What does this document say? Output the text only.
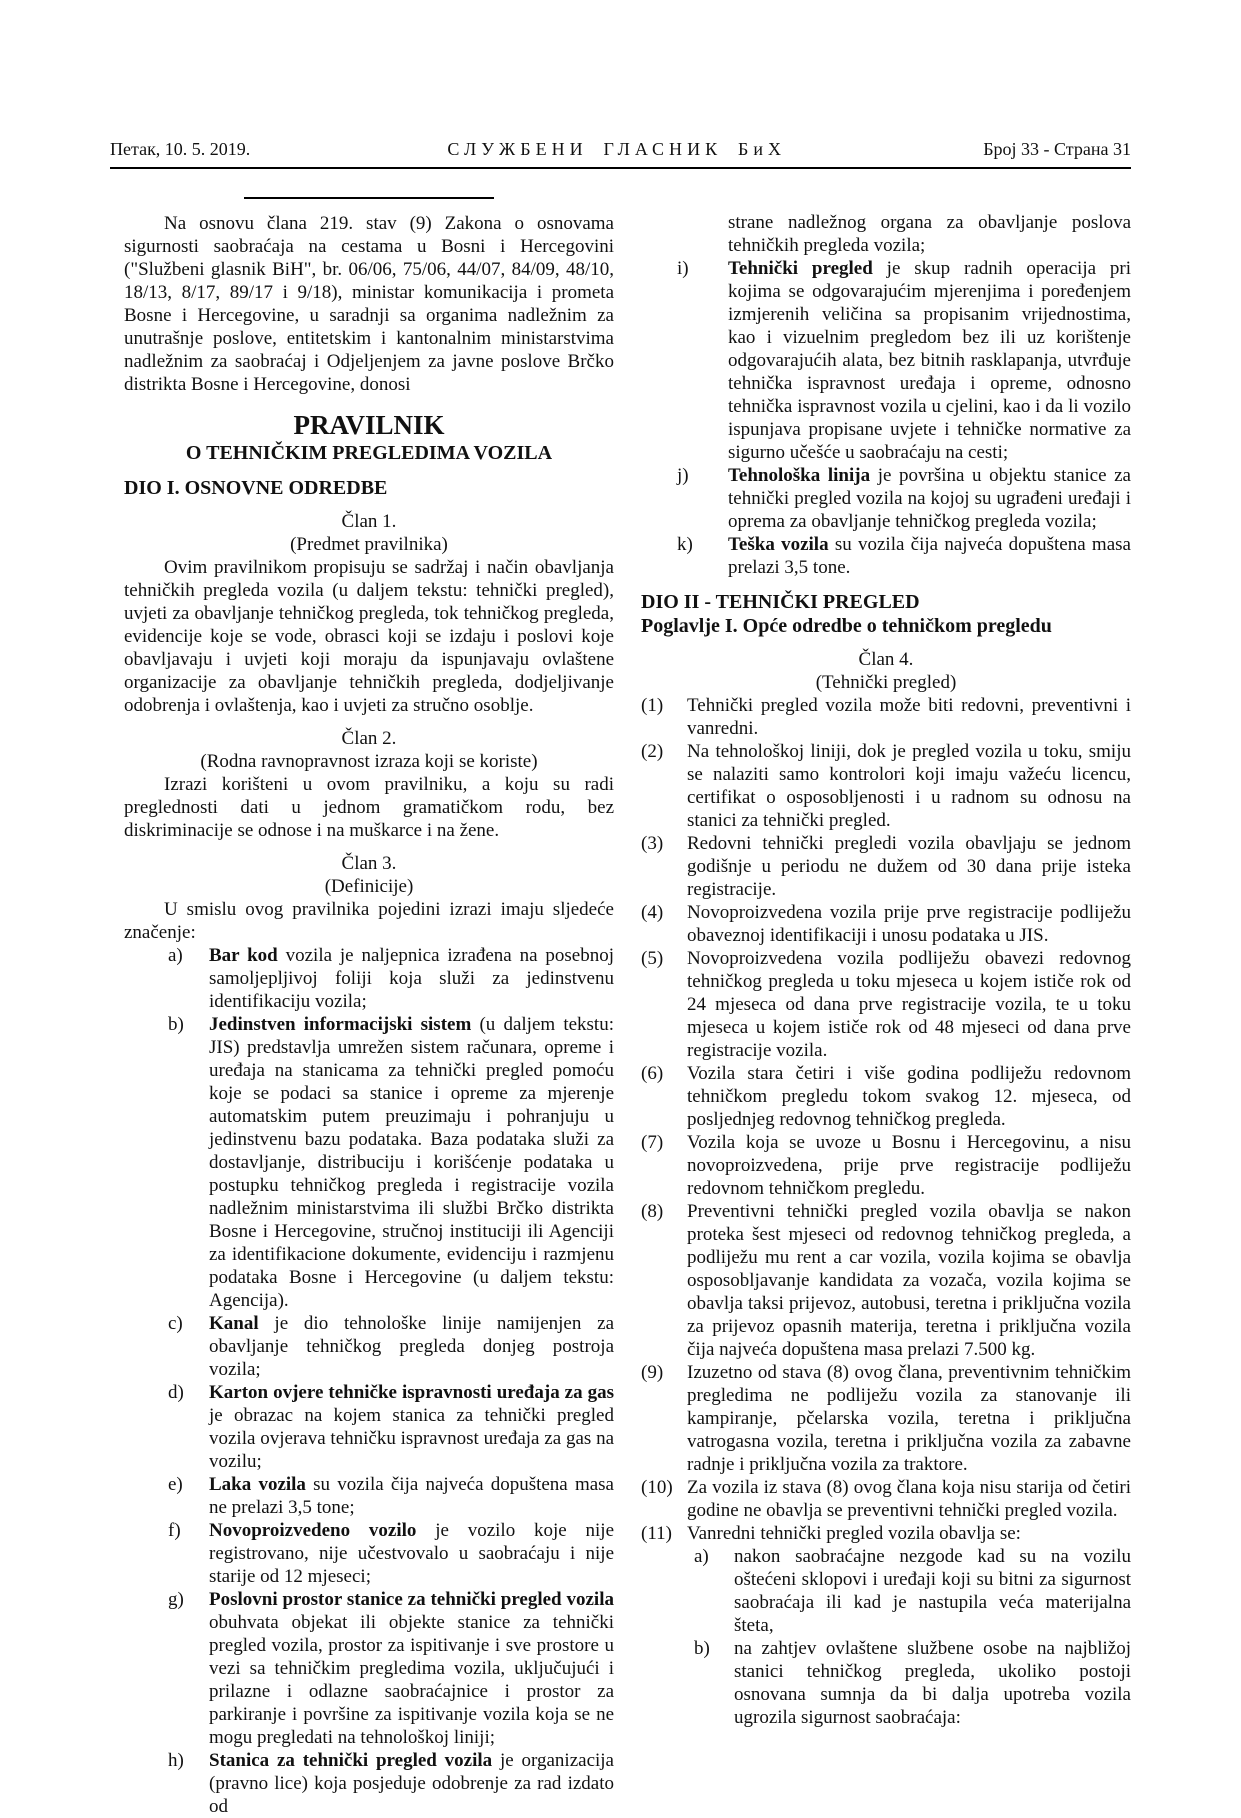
Петак, 10. 5. 2019.	СЛУЖБЕНИ ГЛАСНИК БиХ	Број 33 - Страна 31

Na osnovu člana 219. stav (9) Zakona o osnovama sigurnosti saobraćaja na cestama u Bosni i Hercegovini ("Službeni glasnik BiH", br. 06/06, 75/06, 44/07, 84/09, 48/10, 18/13, 8/17, 89/17 i 9/18), ministar komunikacija i prometa Bosne i Hercegovine, u saradnji sa organima nadležnim za unutrašnje poslove, entitetskim i kantonalnim ministarstvima nadležnim za saobraćaj i Odjeljenjem za javne poslove Brčko distrikta Bosne i Hercegovine, donosi

PRAVILNIK
O TEHNIČKIM PREGLEDIMA VOZILA
DIO I. OSNOVNE ODREDBE
Član 1.
(Predmet pravilnika)

Ovim pravilnikom propisuju se sadržaj i način obavljanja tehničkih pregleda vozila (u daljem tekstu: tehnički pregled), uvjeti za obavljanje tehničkog pregleda, tok tehničkog pregleda, evidencije koje se vode, obrasci koji se izdaju i poslovi koje obavljavaju i uvjeti koji moraju da ispunjavaju ovlaštene organizacije za obavljanje tehničkih pregleda, dodjeljivanje odobrenja i ovlaštenja, kao i uvjeti za stručno osoblje.

Član 2.
(Rodna ravnopravnost izraza koji se koriste)

Izrazi korišteni u ovom pravilniku, a koju su radi preglednosti dati u jednom gramatičkom rodu, bez diskriminacije se odnose i na muškarce i na žene.

Član 3.
(Definicije)

U smislu ovog pravilnika pojedini izrazi imaju sljedeće značenje:

a) Bar kod vozila je naljepnica izrađena na posebnoj samoljepljivoj foliji koja služi za jedinstvenu identifikaciju vozila;
b) Jedinstven informacijski sistem (u daljem tekstu: JIS) predstavlja umrežen sistem računara, opreme i uređaja na stanicama za tehnički pregled pomoću koje se podaci sa stanice i opreme za mjerenje automatskim putem preuzimaju i pohranjuju u jedinstvenu bazu podataka. Baza podataka služi za dostavljanje, distribuciju i korišćenje podataka u postupku tehničkog pregleda i registracije vozila nadležnim ministarstvima ili službi Brčko distrikta Bosne i Hercegovine, stručnoj instituciji ili Agenciji za identifikacione dokumente, evidenciju i razmjenu podataka Bosne i Hercegovine (u daljem tekstu: Agencija).
c) Kanal je dio tehnološke linije namijenjen za obavljanje tehničkog pregleda donjeg postroja vozila;
d) Karton ovjere tehničke ispravnosti uređaja za gas je obrazac na kojem stanica za tehnički pregled vozila ovjerava tehničku ispravnost uređaja za gas na vozilu;
e) Laka vozila su vozila čija najveća dopuštena masa ne prelazi 3,5 tone;
f) Novoproizvedeno vozilo je vozilo koje nije registrovano, nije učestvovalo u saobraćaju i nije starije od 12 mjeseci;
g) Poslovni prostor stanice za tehnički pregled vozila obuhvata objekat ili objekte stanice za tehnički pregled vozila, prostor za ispitivanje i sve prostore u vezi sa tehničkim pregledima vozila, uključujući i prilazne i odlazne saobraćajnice i prostor za parkiranje i površine za ispitivanje vozila koja se ne mogu pregledati na tehnološkoj liniji;
h) Stanica za tehnički pregled vozila je organizacija (pravno lice) koja posjeduje odobrenje za rad izdato od
strane nadležnog organa za obavljanje poslova tehničkih pregleda vozila;
i) Tehnički pregled je skup radnih operacija pri kojima se odgovarajućim mjerenjima i poređenjem izmjerenih veličina sa propisanim vrijednostima, kao i vizuelnim pregledom bez ili uz korištenje odgovarajućih alata, bez bitnih rasklapanja, utvrđuje tehnička ispravnost uređaja i opreme, odnosno tehnička ispravnost vozila u cjelini, kao i da li vozilo ispunjava propisane uvjete i tehničke normative za sigurno učešće u saobraćaju na cesti;
j) Tehnološka linija je površina u objektu stanice za tehnički pregled vozila na kojoj su ugrađeni uređaji i oprema za obavljanje tehničkog pregleda vozila;
k) Teška vozila su vozila čija najveća dopuštena masa prelazi 3,5 tone.
DIO II - TEHNIČKI PREGLED
Poglavlje I. Opće odredbe o tehničkom pregledu
Član 4.
(Tehnički pregled)
(1) Tehnički pregled vozila može biti redovni, preventivni i vanredni.
(2) Na tehnološkoj liniji, dok je pregled vozila u toku, smiju se nalaziti samo kontrolori koji imaju važeću licencu, certifikat o osposobljenosti i u radnom su odnosu na stanici za tehnički pregled.
(3) Redovni tehnički pregledi vozila obavljaju se jednom godišnje u periodu ne dužem od 30 dana prije isteka registracije.
(4) Novoproizvedena vozila prije prve registracije podliježu obaveznoj identifikaciji i unosu podataka u JIS.
(5) Novoproizvedena vozila podliježu obavezi redovnog tehničkog pregleda u toku mjeseca u kojem ističe rok od 24 mjeseca od dana prve registracije vozila, te u toku mjeseca u kojem ističe rok od 48 mjeseci od dana prve registracije vozila.
(6) Vozila stara četiri i više godina podliježu redovnom tehničkom pregledu tokom svakog 12. mjeseca, od posljednjeg redovnog tehničkog pregleda.
(7) Vozila koja se uvoze u Bosnu i Hercegovinu, a nisu novoproizvedena, prije prve registracije podliježu redovnom tehničkom pregledu.
(8) Preventivni tehnički pregled vozila obavlja se nakon proteka šest mjeseci od redovnog tehničkog pregleda, a podliježu mu rent a car vozila, vozila kojima se obavlja osposobljavanje kandidata za vozača, vozila kojima se obavlja taksi prijevoz, autobusi, teretna i priključna vozila za prijevoz opasnih materija, teretna i priključna vozila čija najveća dopuštena masa prelazi 7.500 kg.
(9) Izuzetno od stava (8) ovog člana, preventivnim tehničkim pregledima ne podliježu vozila za stanovanje ili kampiranje, pčelarska vozila, teretna i priključna vatrogasna vozila, teretna i priključna vozila za zabavne radnje i priključna vozila za traktore.
(10) Za vozila iz stava (8) ovog člana koja nisu starija od četiri godine ne obavlja se preventivni tehnički pregled vozila.
(11) Vanredni tehnički pregled vozila obavlja se:
a) nakon saobraćajne nezgode kad su na vozilu oštećeni sklopovi i uređaji koji su bitni za sigurnost saobraćaja ili kad je nastupila veća materijalna šteta,
b) na zahtjev ovlaštene službene osobe na najbližoj stanici tehničkog pregleda, ukoliko postoji osnovana sumnja da bi dalja upotreba vozila ugrozila sigurnost saobraćaja:
